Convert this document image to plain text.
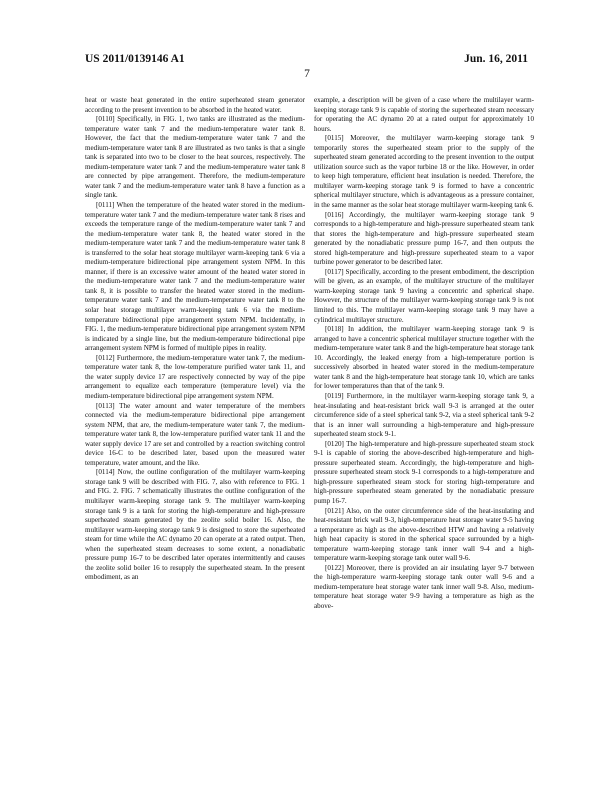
US 2011/0139146 A1	Jun. 16, 2011
7

heat or waste heat generated in the entire superheated steam generator according to the present invention to be absorbed in the heated water.

[0110] Specifically, in FIG. 1, two tanks are illustrated as the medium-temperature water tank 7 and the medium-temperature water tank 8. However, the fact that the medium-temperature water tank 7 and the medium-temperature water tank 8 are illustrated as two tanks is that a single tank is separated into two to be closer to the heat sources, respectively. The medium-temperature water tank 7 and the medium-temperature water tank 8 are connected by pipe arrangement. Therefore, the medium-temperature water tank 7 and the medium-temperature water tank 8 have a function as a single tank.

[0111] When the temperature of the heated water stored in the medium-temperature water tank 7 and the medium-temperature water tank 8 rises and exceeds the temperature range of the medium-temperature water tank 7 and the medium-temperature water tank 8, the heated water stored in the medium-temperature water tank 7 and the medium-temperature water tank 8 is transferred to the solar heat storage multilayer warm-keeping tank 6 via a medium-temperature bidirectional pipe arrangement system NPM. In this manner, if there is an excessive water amount of the heated water stored in the medium-temperature water tank 7 and the medium-temperature water tank 8, it is possible to transfer the heated water stored in the medium-temperature water tank 7 and the medium-temperature water tank 8 to the solar heat storage multilayer warm-keeping tank 6 via the medium-temperature bidirectional pipe arrangement system NPM. Incidentally, in FIG. 1, the medium-temperature bidirectional pipe arrangement system NPM is indicated by a single line, but the medium-temperature bidirectional pipe arrangement system NPM is formed of multiple pipes in reality.

[0112] Furthermore, the medium-temperature water tank 7, the medium-temperature water tank 8, the low-temperature purified water tank 11, and the water supply device 17 are respectively connected by way of the pipe arrangement to equalize each temperature (temperature level) via the medium-temperature bidirectional pipe arrangement system NPM.

[0113] The water amount and water temperature of the members connected via the medium-temperature bidirectional pipe arrangement system NPM, that are, the medium-temperature water tank 7, the medium-temperature water tank 8, the low-temperature purified water tank 11 and the water supply device 17 are set and controlled by a reaction switching control device 16-C to be described later, based upon the measured water temperature, water amount, and the like.

[0114] Now, the outline configuration of the multilayer warm-keeping storage tank 9 will be described with FIG. 7, also with reference to FIG. 1 and FIG. 2. FIG. 7 schematically illustrates the outline configuration of the multilayer warm-keeping storage tank 9. The multilayer warm-keeping storage tank 9 is a tank for storing the high-temperature and high-pressure superheated steam generated by the zeolite solid boiler 16. Also, the multilayer warm-keeping storage tank 9 is designed to store the superheated steam for time while the AC dynamo 20 can operate at a rated output. Then, when the superheated steam decreases to some extent, a nonadiabatic pressure pump 16-7 to be described later operates intermittently and causes the zeolite solid boiler 16 to resupply the superheated steam. In the present embodiment, as an

example, a description will be given of a case where the multilayer warm-keeping storage tank 9 is capable of storing the superheated steam necessary for operating the AC dynamo 20 at a rated output for approximately 10 hours.

[0115] Moreover, the multilayer warm-keeping storage tank 9 temporarily stores the superheated steam prior to the supply of the superheated steam generated according to the present invention to the output utilization source such as the vapor turbine 18 or the like. However, in order to keep high temperature, efficient heat insulation is needed. Therefore, the multilayer warm-keeping storage tank 9 is formed to have a concentric spherical multilayer structure, which is advantageous as a pressure container, in the same manner as the solar heat storage multilayer warm-keeping tank 6.

[0116] Accordingly, the multilayer warm-keeping storage tank 9 corresponds to a high-temperature and high-pressure superheated steam tank that stores the high-temperature and high-pressure superheated steam generated by the nonadiabatic pressure pump 16-7, and then outputs the stored high-temperature and high-pressure superheated steam to a vapor turbine power generator to be described later.

[0117] Specifically, according to the present embodiment, the description will be given, as an example, of the multilayer structure of the multilayer warm-keeping storage tank 9 having a concentric and spherical shape. However, the structure of the multilayer warm-keeping storage tank 9 is not limited to this. The multilayer warm-keeping storage tank 9 may have a cylindrical multilayer structure.

[0118] In addition, the multilayer warm-keeping storage tank 9 is arranged to have a concentric spherical multilayer structure together with the medium-temperature water tank 8 and the high-temperature heat storage tank 10. Accordingly, the leaked energy from a high-temperature portion is successively absorbed in heated water stored in the medium-temperature water tank 8 and the high-temperature heat storage tank 10, which are tanks for lower temperatures than that of the tank 9.

[0119] Furthermore, in the multilayer warm-keeping storage tank 9, a heat-insulating and heat-resistant brick wall 9-3 is arranged at the outer circumference side of a steel spherical tank 9-2, via a steel spherical tank 9-2 that is an inner wall surrounding a high-temperature and high-pressure superheated steam stock 9-1.

[0120] The high-temperature and high-pressure superheated steam stock 9-1 is capable of storing the above-described high-temperature and high-pressure superheated steam. Accordingly, the high-temperature and high-pressure superheated steam stock 9-1 corresponds to a high-temperature and high-pressure superheated steam stock for storing high-temperature and high-pressure superheated steam generated by the nonadiabatic pressure pump 16-7.

[0121] Also, on the outer circumference side of the heat-insulating and heat-resistant brick wall 9-3, high-temperature heat storage water 9-5 having a temperature as high as the above-described HTW and having a relatively high heat capacity is stored in the spherical space surrounded by a high-temperature warm-keeping storage tank inner wall 9-4 and a high-temperature warm-keeping storage tank outer wall 9-6.

[0122] Moreover, there is provided an air insulating layer 9-7 between the high-temperature warm-keeping storage tank outer wall 9-6 and a medium-temperature heat storage water tank inner wall 9-8. Also, medium-temperature heat storage water 9-9 having a temperature as high as the above-
